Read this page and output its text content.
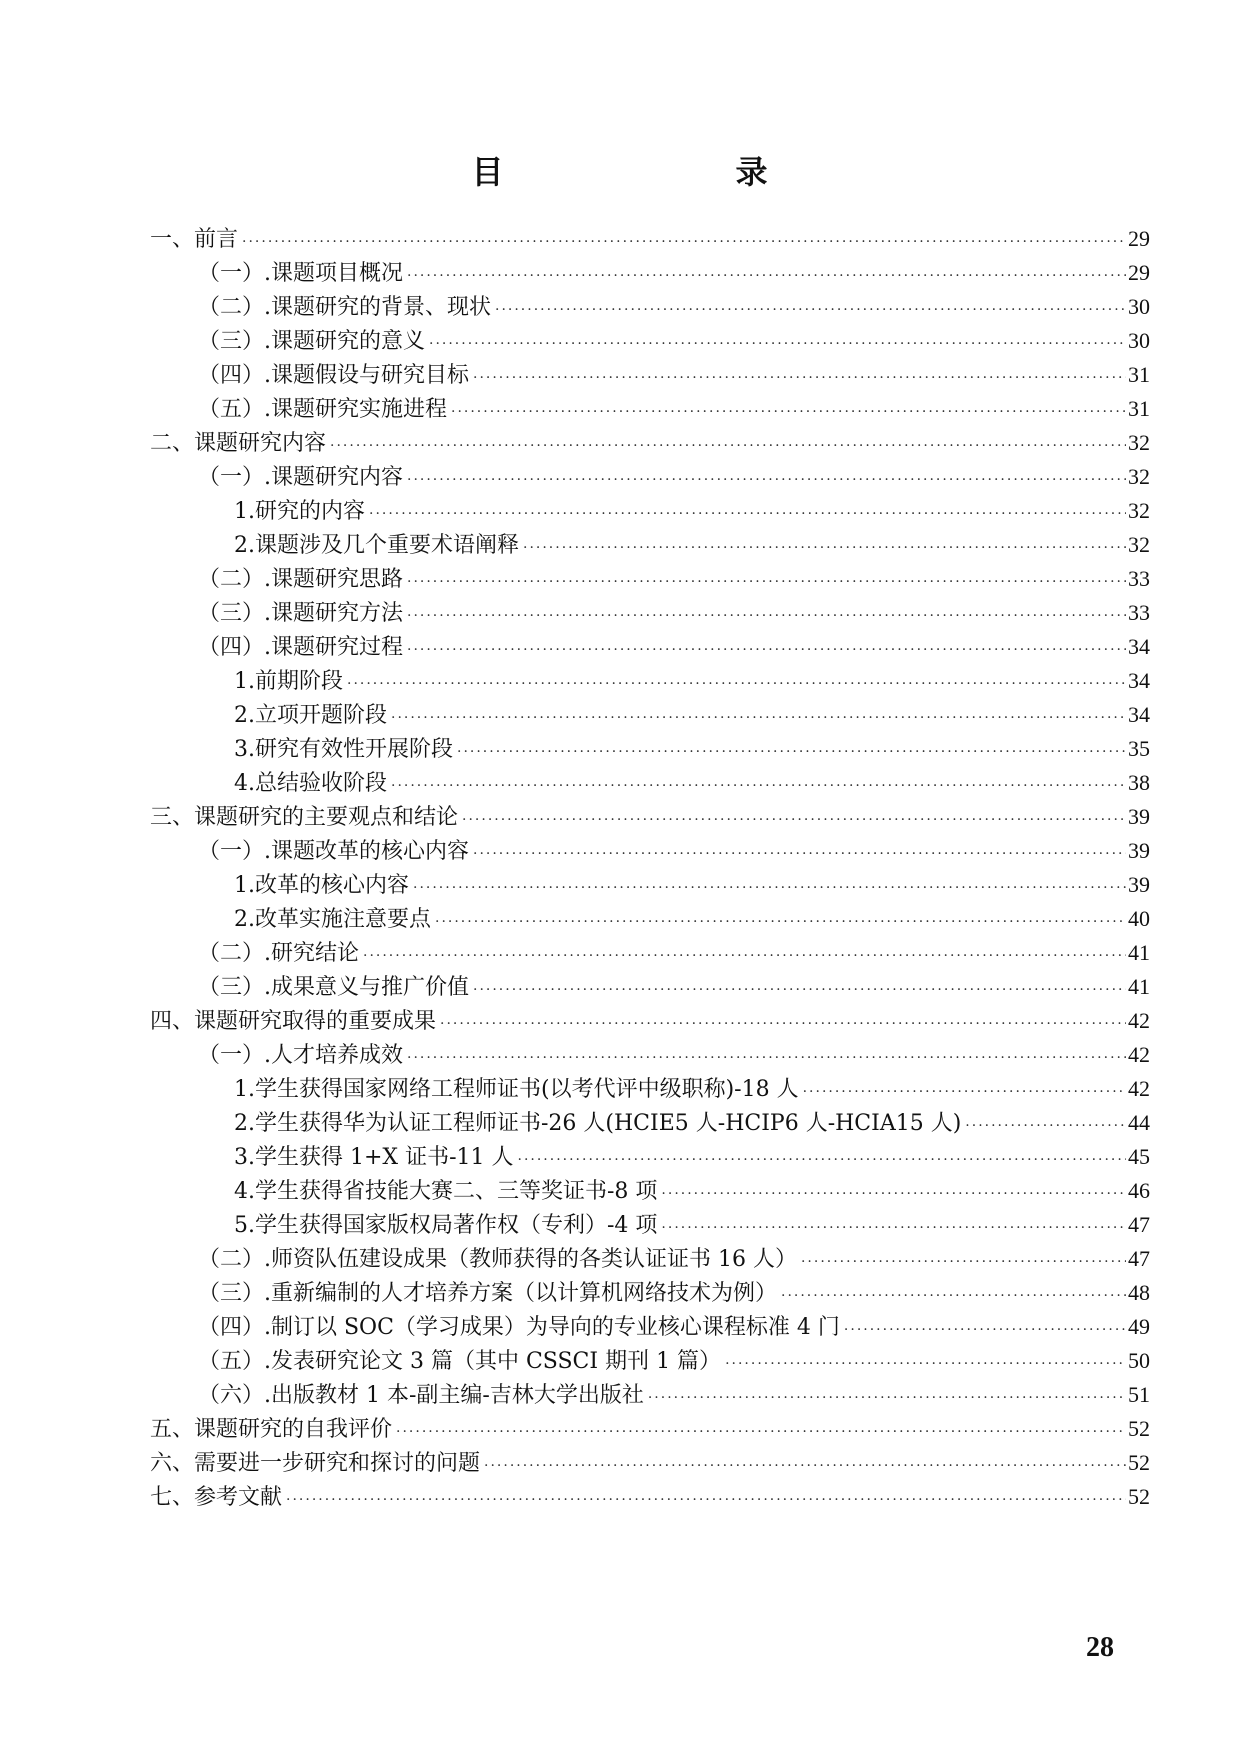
目　录
一、前言 ·····	29
（一）.课题项目概况 ·····	29
（二）.课题研究的背景、现状 ·····	30
（三）.课题研究的意义 ·····	30
（四）.课题假设与研究目标 ·····	31
（五）.课题研究实施进程 ·····	31
二、课题研究内容 ·····	32
（一）.课题研究内容 ·····	32
1.研究的内容 ·····	32
2.课题涉及几个重要术语阐释 ·····	32
（二）.课题研究思路 ·····	33
（三）.课题研究方法 ·····	33
（四）.课题研究过程 ·····	34
1.前期阶段 ·····	34
2.立项开题阶段 ·····	34
3.研究有效性开展阶段 ·····	35
4.总结验收阶段 ·····	38
三、课题研究的主要观点和结论 ·····	39
（一）.课题改革的核心内容 ·····	39
1.改革的核心内容 ·····	39
2.改革实施注意要点 ·····	40
（二）.研究结论 ·····	41
（三）.成果意义与推广价值 ·····	41
四、课题研究取得的重要成果 ·····	42
（一）.人才培养成效 ·····	42
1.学生获得国家网络工程师证书(以考代评中级职称)-18 人 ·····	42
2.学生获得华为认证工程师证书-26 人(HCIE5 人-HCIP6 人-HCIA15 人) ·····	44
3.学生获得 1+X 证书-11 人 ·····	45
4.学生获得省技能大赛二、三等奖证书-8 项 ·····	46
5.学生获得国家版权局著作权（专利）-4 项 ·····	47
（二）.师资队伍建设成果（教师获得的各类认证证书 16 人） ·····	47
（三）.重新编制的人才培养方案（以计算机网络技术为例） ·····	48
（四）.制订以 SOC（学习成果）为导向的专业核心课程标准 4 门 ·····	49
（五）.发表研究论文 3 篇（其中 CSSCI 期刊 1 篇） ·····	50
（六）.出版教材 1 本-副主编-吉林大学出版社 ·····	51
五、课题研究的自我评价 ·····	52
六、需要进一步研究和探讨的问题 ·····	52
七、参考文献 ·····	52
28
